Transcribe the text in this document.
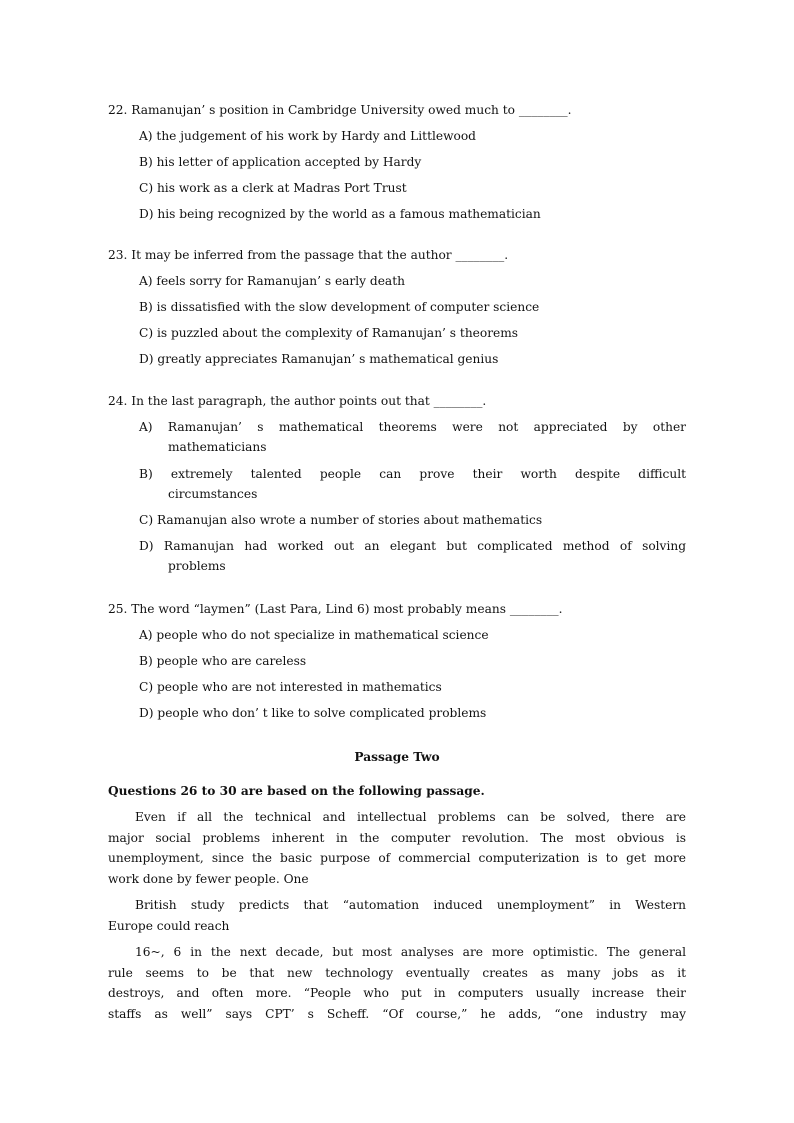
22. Ramanujan’ s position in Cambridge University owed much to ________.
A) the judgement of his work by Hardy and Littlewood
B) his letter of application accepted by Hardy
C) his work as a clerk at Madras Port Trust
D) his being recognized by the world as a famous mathematician
23. It may be inferred from the passage that the author ________.
A) feels sorry for Ramanujan’ s early death
B) is dissatisfied with the slow development of computer science
C) is puzzled about the complexity of Ramanujan’ s theorems
D) greatly appreciates Ramanujan’ s mathematical genius
24. In the last paragraph, the author points out that ________.
A) Ramanujan’ s mathematical theorems were not appreciated by other
mathematicians
B) extremely talented people can prove their worth despite difficult
circumstances
C) Ramanujan also wrote a number of stories about mathematics
D) Ramanujan had worked out an elegant but complicated method of solving
problems
25. The word “laymen” (Last Para, Lind 6) most probably means ________.
A) people who do not specialize in mathematical science
B) people who are careless
C) people who are not interested in mathematics
D) people who don’ t like to solve complicated problems
Passage Two
Questions 26 to 30 are based on the following passage.
Even if all the technical and intellectual problems can be solved, there are
major social problems inherent in the computer revolution. The most obvious is
unemployment, since the basic purpose of commercial computerization is to get more
work done by fewer people. One
British study predicts that “automation induced unemployment” in Western
Europe could reach
16~, 6 in the next decade, but most analyses are more optimistic. The general
rule seems to be that new technology eventually creates as many jobs as it
destroys, and often more. “People who put in computers usually increase their
staffs as well” says CPT’ s Scheff. “Of course,” he adds, “one industry may
